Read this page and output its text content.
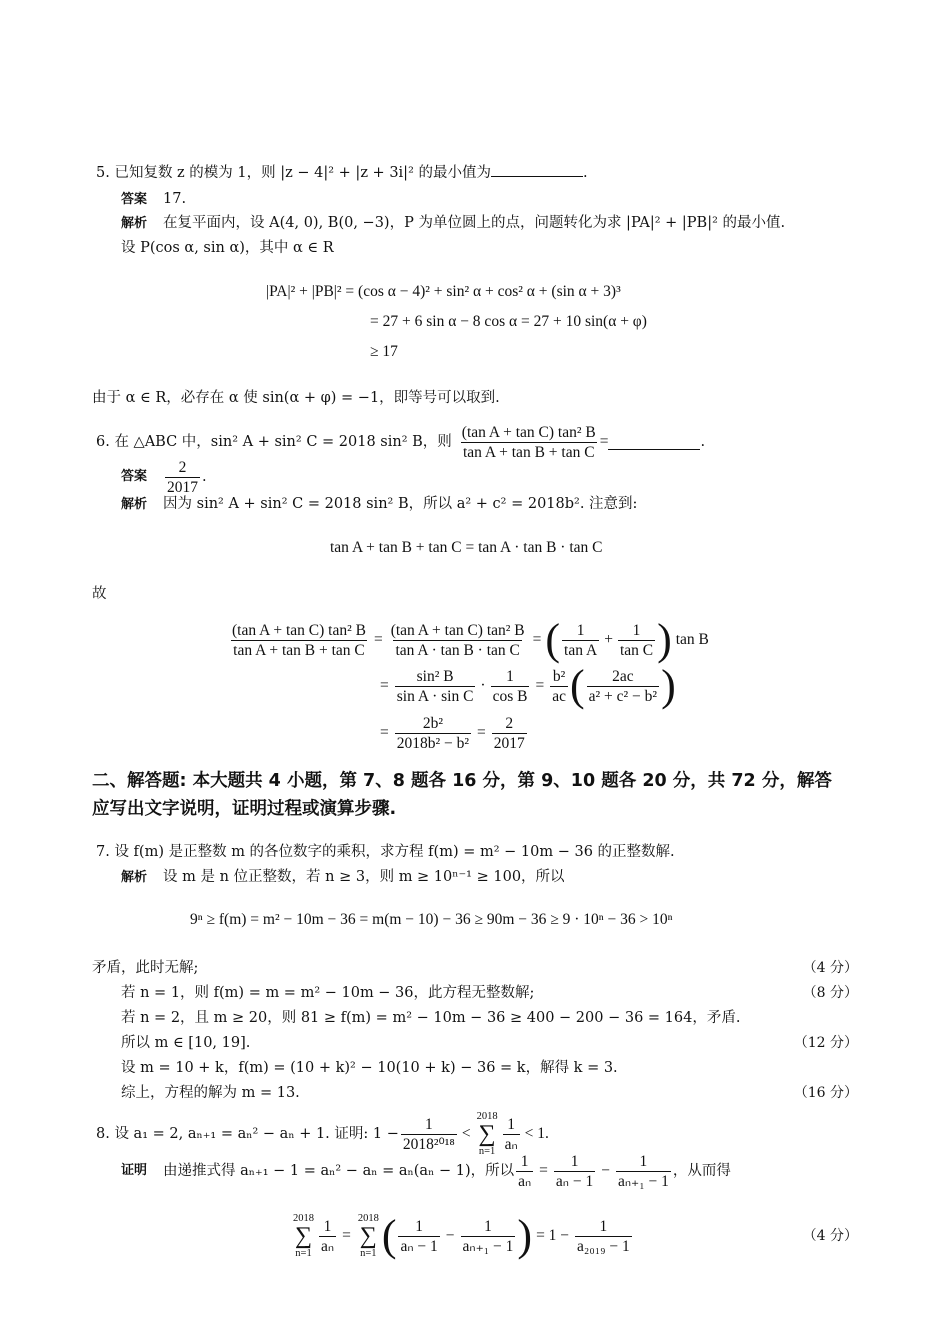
5. 已知复数 z 的模为 1，则 |z − 4|² + |z + 3i|² 的最小值为	.
答案 17.
解析 在复平面内，设 A(4, 0), B(0, −3)，P 为单位圆上的点，问题转化为求 |PA|² + |PB|² 的最小值.
设 P(cos α, sin α)，其中 α ∈ R
|PA|² + |PB|² = (cos α − 4)² + sin² α + cos² α + (sin α + 3)³
= 27 + 6 sin α − 8 cos α = 27 + 10 sin(α + φ)
≥ 17
由于 α ∈ R，必存在 α 使 sin(α + φ) = −1，即等号可以取到.
6. 在 △ABC 中，sin² A + sin² C = 2018 sin² B，则 $\frac{\text{(tan A + tan C) tan² B}}{\text{tan A + tan B + tan C}}$ =	.
答案 $\frac{2}{2017}$ .
解析 因为 sin² A + sin² C = 2018 sin² B，所以 a² + c² = 2018b². 注意到:
tan A + tan B + tan C = tan A · tan B · tan C
故
$\frac{\text{(tan A + tan C) tan² B}}{\text{tan A + tan B + tan C}} = \frac{\text{(tan A + tan C) tan² B}}{\text{tan A · tan B · tan C}}$ = ( $\frac{1}{\text{tan A}} + \frac{1}{\text{tan C}}$ ) tan B
= $\frac{\text{sin² B}}{\text{sin A · sin C}} \cdot \frac{1}{\text{cos B}} = \frac{\text{b²}}{ac}$ ( $\frac{2ac}{\text{a² + c² − b²}}$ )
= $\frac{\text{2b²}}{\text{2018b² − b²}} = \frac{2}{2017}$
二、解答题: 本大题共 4 小题，第 7、8 题各 16 分，第 9、10 题各 20 分，共 72 分，解答
应写出文字说明，证明过程或演算步骤.
7. 设 f(m) 是正整数 m 的各位数字的乘积，求方程 f(m) = m² − 10m − 36 的正整数解.
解析 设 m 是 n 位正整数，若 n ≥ 3，则 m ≥ 10ⁿ⁻¹ ≥ 100，所以
9ⁿ ≥ f(m) = m² − 10m − 36 = m(m − 10) − 36 ≥ 90m − 36 ≥ 9 · 10ⁿ − 36 > 10ⁿ
矛盾，此时无解;	（4 分）
若 n = 1，则 f(m) = m = m² − 10m − 36，此方程无整数解;	（8 分）
若 n = 2，且 m ≥ 20，则 81 ≥ f(m) = m² − 10m − 36 ≥ 400 − 200 − 36 = 164，矛盾.
所以 m ∈ [10, 19].	（12 分）
设 m = 10 + k，f(m) = (10 + k)² − 10(10 + k) − 36 = k，解得 k = 3.
综上，方程的解为 m = 13.	（16 分）
8. 设 a₁ = 2, aₙ₊₁ = aₙ² − aₙ + 1. 证明: $1 - \frac{1}{\text{2018²⁰¹⁸}}$ <
2018
∑
$n=1 \frac{1}{\text{aₙ}} < 1$.
证明 由递推式得 aₙ₊₁ − 1 = aₙ² − aₙ = aₙ(aₙ − 1)，所以 $\frac{1}{\text{aₙ}} = \frac{1}{\text{aₙ − 1}} - \frac{1}{\text{aₙ₊₁ − 1}}$ ，从而得
2018
∑
$n=1 \frac{1}{\text{aₙ}}$ =
2018
∑
n=1 ( $\frac{1}{\text{aₙ − 1}} - \frac{1}{\text{aₙ₊₁ − 1}}$ ) = $1 - \frac{1}{\text{a₂₀₁₉ − 1}}$	（4 分）
